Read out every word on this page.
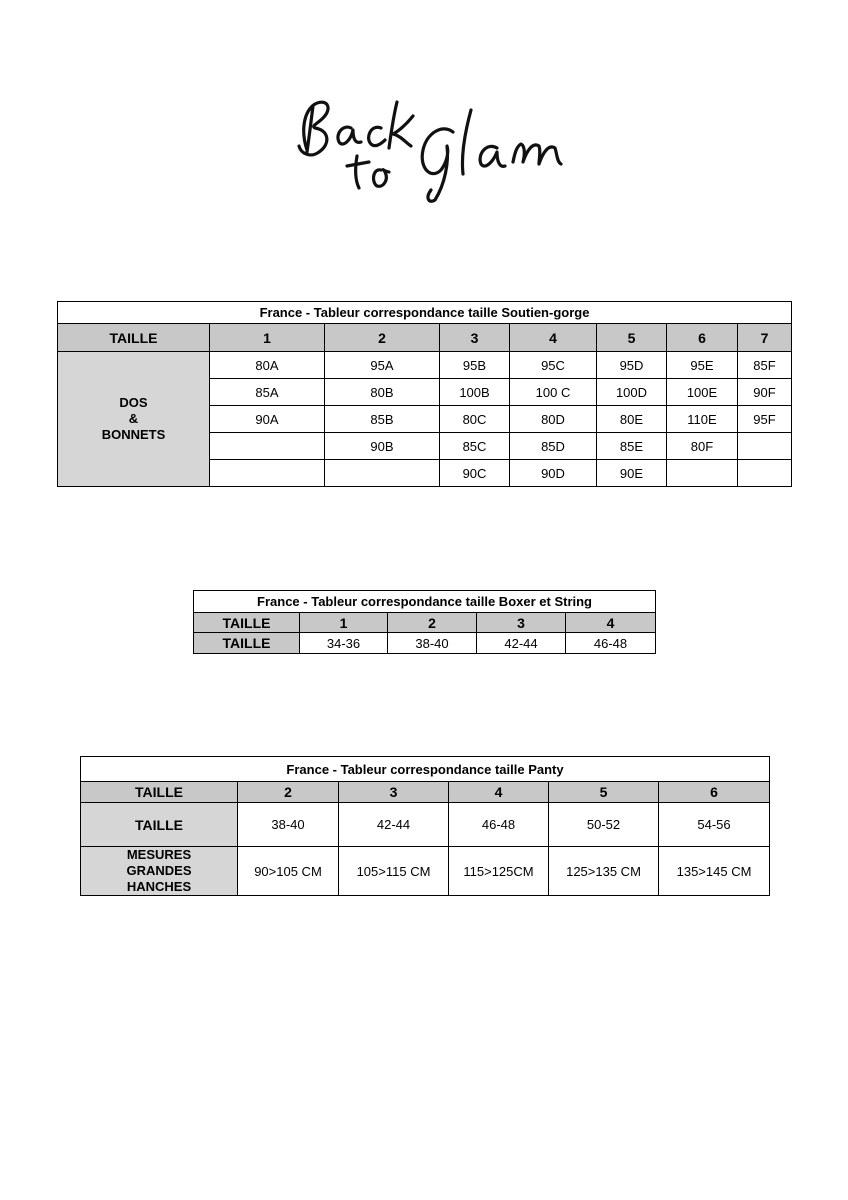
France - Tableur correspondance taille Soutien-gorge							
TAILLE	1	2	3	4	5	6	7

DOS
&
BONNETS	80A	95A	95B	95C	95D	95E	85F
	85A	80B	100B	100 C	100D	100E	90F
	90A	85B	80C	80D	80E	110E	95F
		90B	85C	85D	85E	80F	
			90C	90D	90E		
France - Tableur correspondance taille Boxer et String				
TAILLE	1	2	3	4
TAILLE	34-36	38-40	42-44	46-48
France - Tableur correspondance taille Panty					
TAILLE	2	3	4	5	6
TAILLE	38-40	42-44	46-48	50-52	54-56

MESURES
GRANDES
HANCHES	90>105 CM	105>115 CM	115>125CM	125>135 CM	135>145 CM
